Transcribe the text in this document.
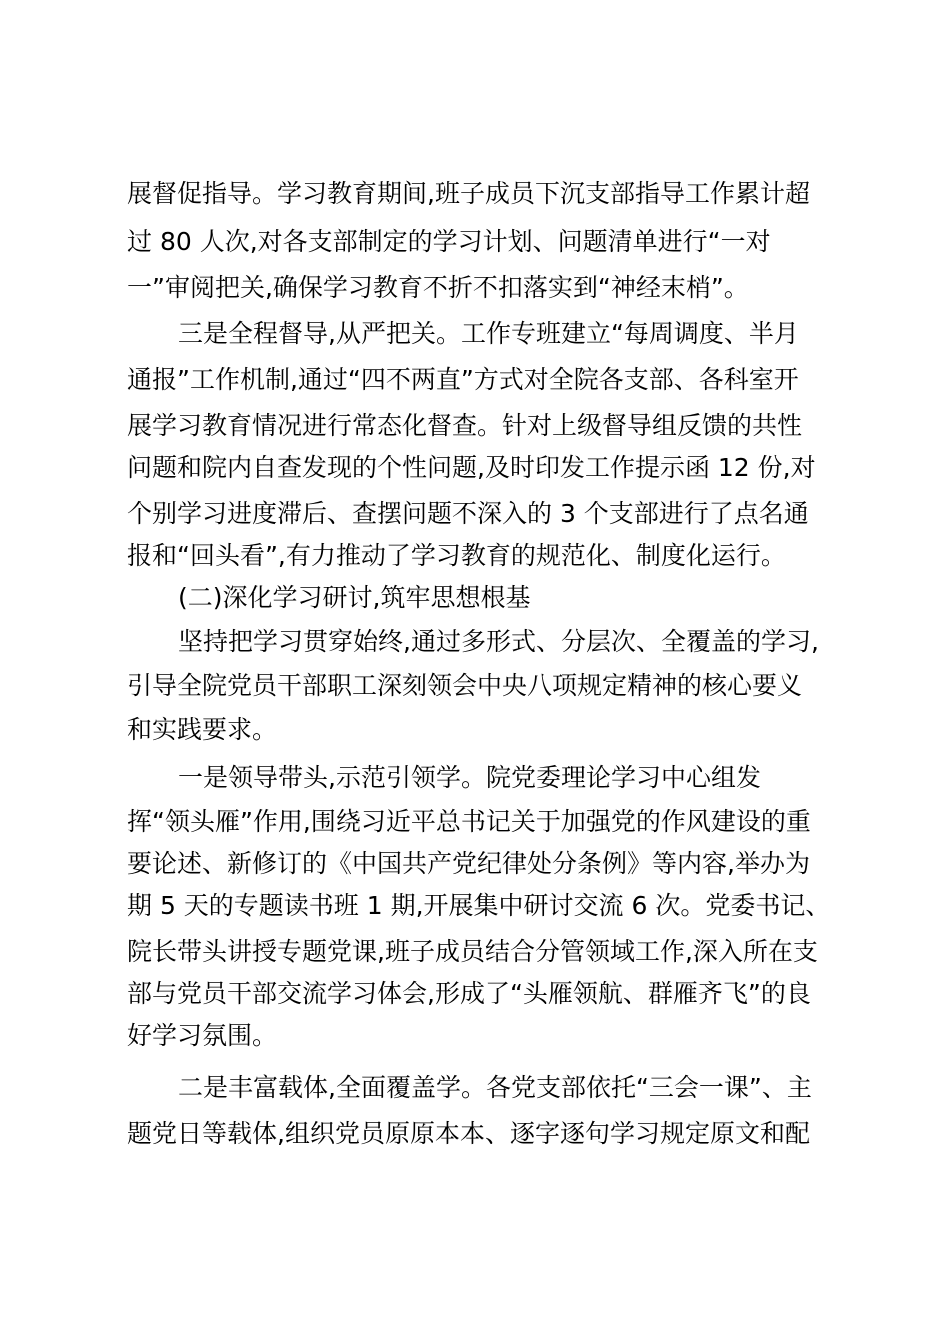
展督促指导。学习教育期间,班子成员下沉支部指导工作累计超
过 80 人次,对各支部制定的学习计划、问题清单进行“一对
一”审阅把关,确保学习教育不折不扣落实到“神经末梢”。
三是全程督导,从严把关。工作专班建立“每周调度、半月
通报”工作机制,通过“四不两直”方式对全院各支部、各科室开
展学习教育情况进行常态化督查。针对上级督导组反馈的共性
问题和院内自查发现的个性问题,及时印发工作提示函 12 份,对
个别学习进度滞后、查摆问题不深入的 3 个支部进行了点名通
报和“回头看”,有力推动了学习教育的规范化、制度化运行。
(二)深化学习研讨,筑牢思想根基
坚持把学习贯穿始终,通过多形式、分层次、全覆盖的学习,
引导全院党员干部职工深刻领会中央八项规定精神的核心要义
和实践要求。
一是领导带头,示范引领学。院党委理论学习中心组发
挥“领头雁”作用,围绕习近平总书记关于加强党的作风建设的重
要论述、新修订的《中国共产党纪律处分条例》等内容,举办为
期 5 天的专题读书班 1 期,开展集中研讨交流 6 次。党委书记、
院长带头讲授专题党课,班子成员结合分管领域工作,深入所在支
部与党员干部交流学习体会,形成了“头雁领航、群雁齐飞”的良
好学习氛围。
二是丰富载体,全面覆盖学。各党支部依托“三会一课”、主
题党日等载体,组织党员原原本本、逐字逐句学习规定原文和配
